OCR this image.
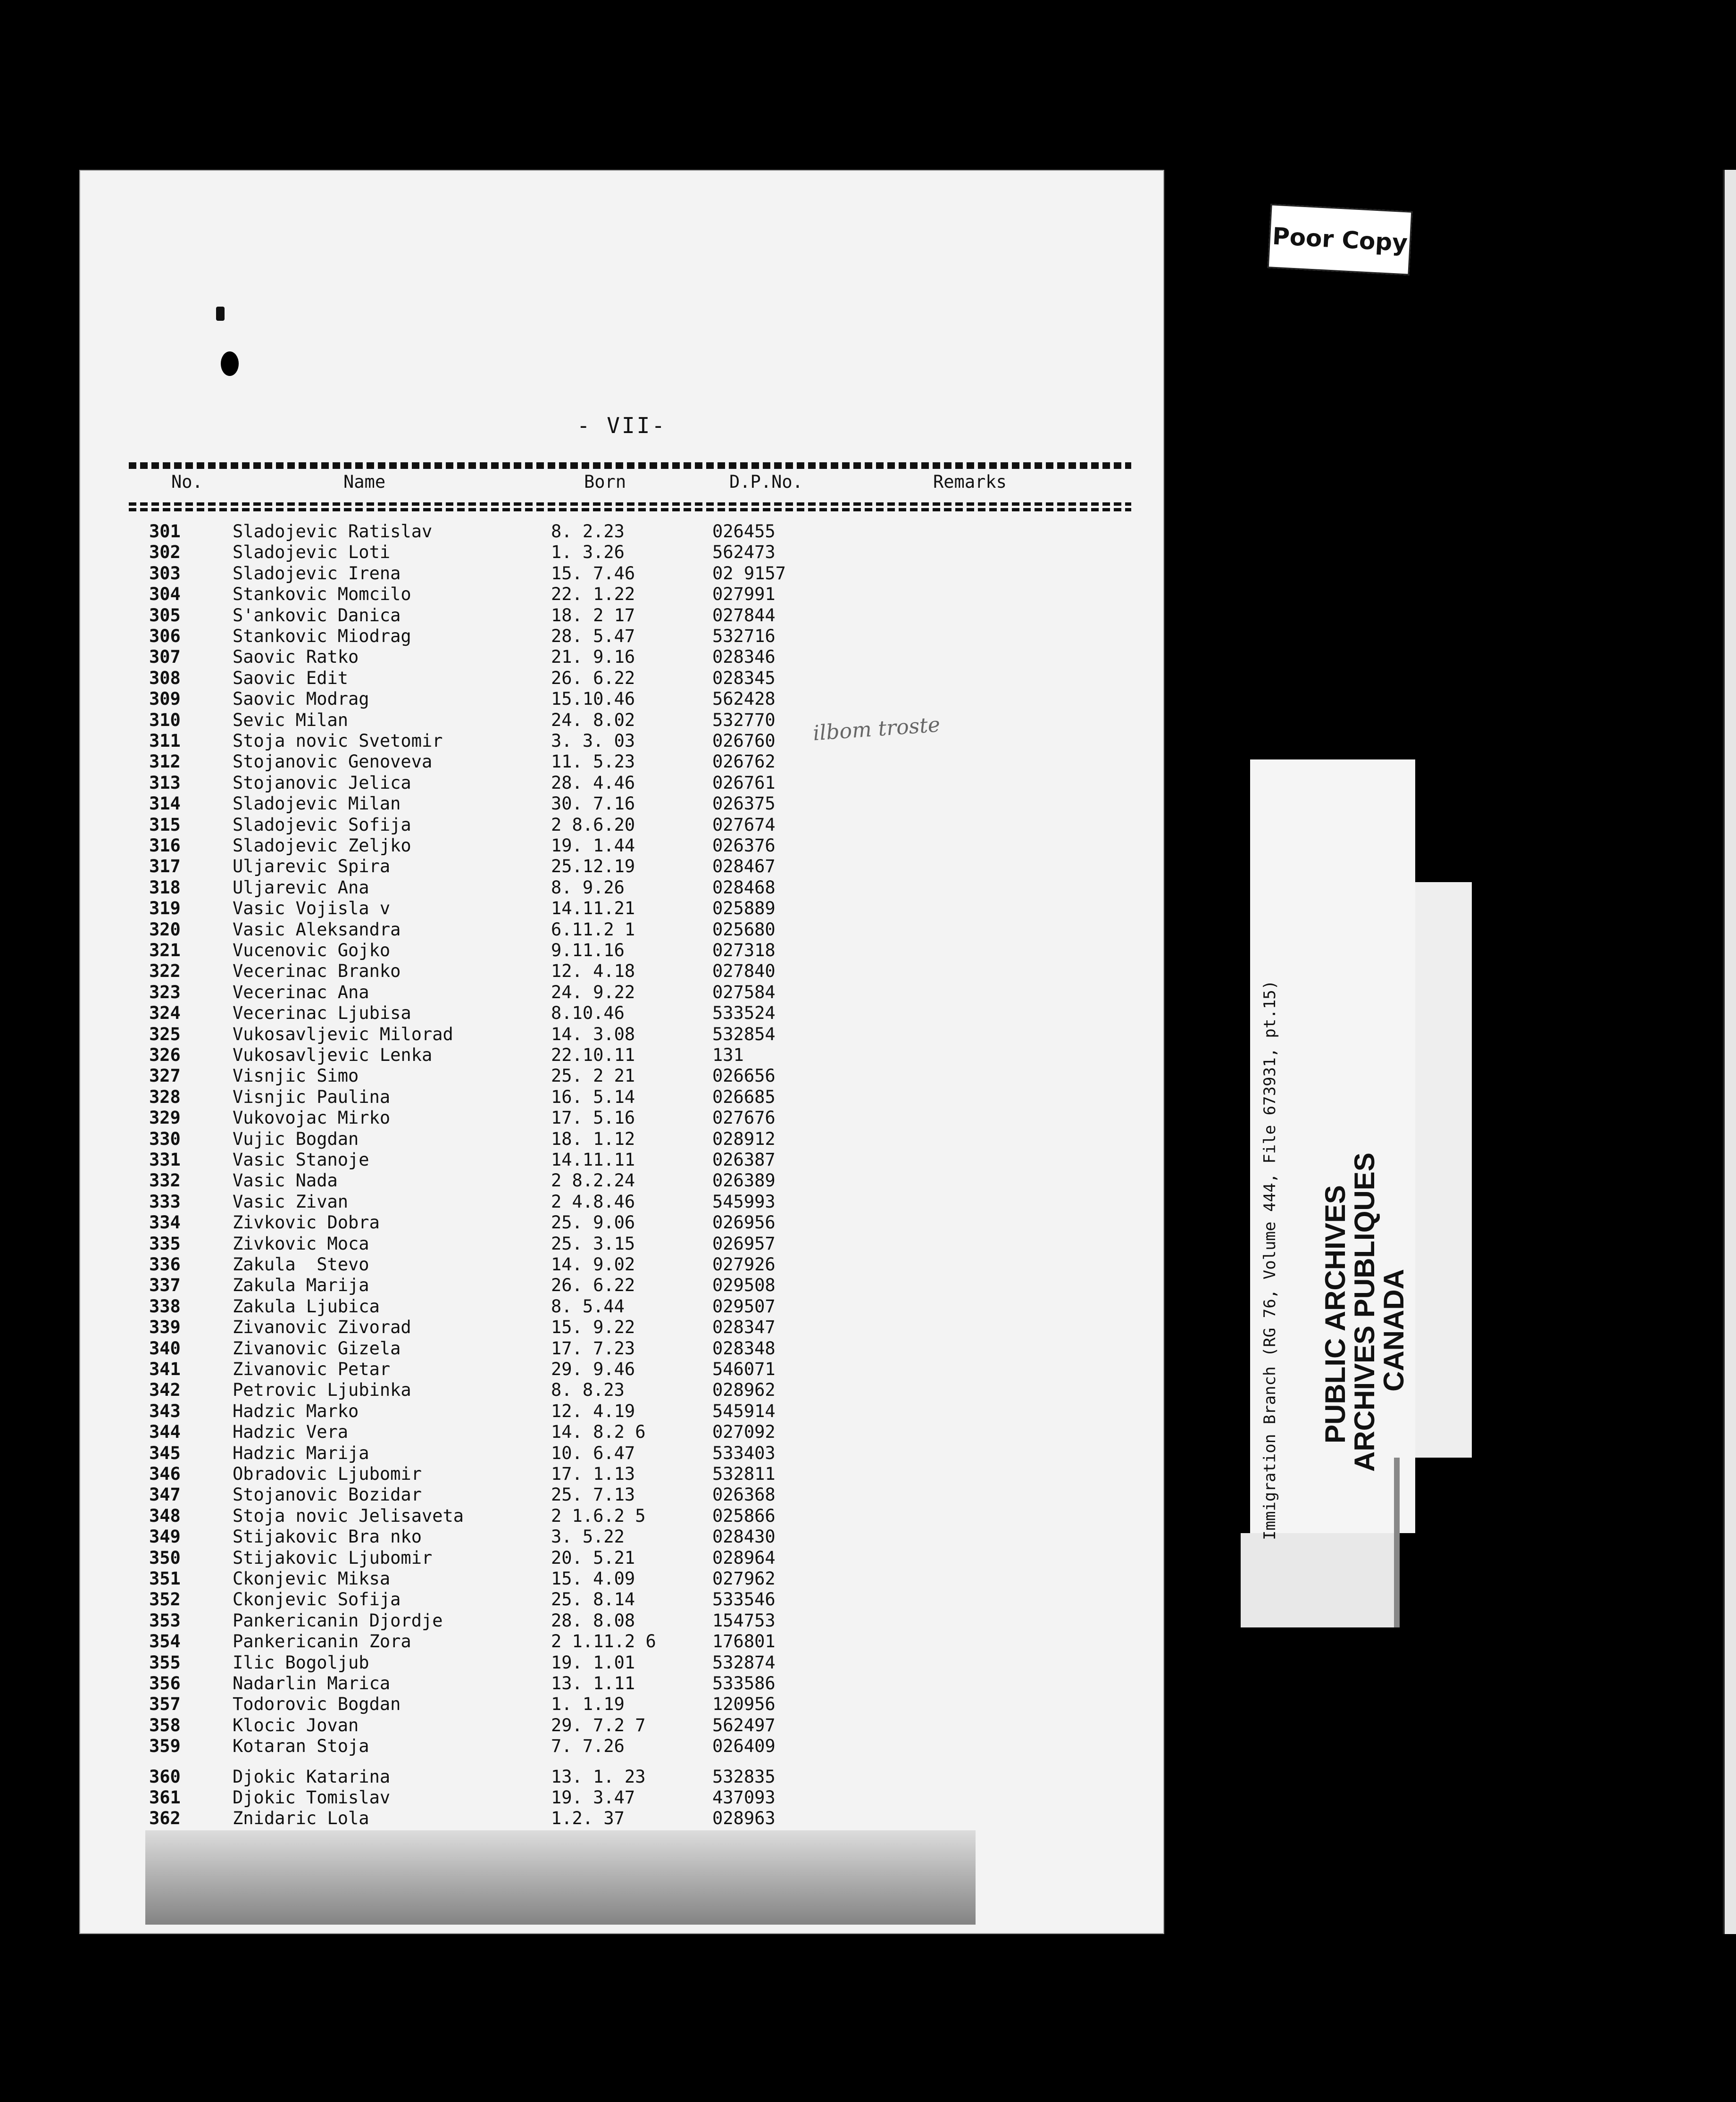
- VII-
No.	Name	Born	D.P.No.	Remarks
301	Sladojevic Ratislav	8. 2.23	026455
302	Sladojevic Loti	1. 3.26	562473
303	Sladojevic Irena	15. 7.46	02 9157
304	Stankovic Momcilo	22. 1.22	027991
305	S'ankovic Danica	18. 2 17	027844
306	Stankovic Miodrag	28. 5.47	532716
307	Saovic Ratko	21. 9.16	028346
308	Saovic Edit	26. 6.22	028345
309	Saovic Modrag	15.10.46	562428
310	Sevic Milan	24. 8.02	532770
311	Stoja novic Svetomir	3. 3. 03	026760
312	Stojanovic Genoveva	11. 5.23	026762
313	Stojanovic Jelica	28. 4.46	026761
314	Sladojevic Milan	30. 7.16	026375
315	Sladojevic Sofija	2 8.6.20	027674
316	Sladojevic Zeljko	19. 1.44	026376
317	Uljarevic Spira	25.12.19	028467
318	Uljarevic Ana	8. 9.26	028468
319	Vasic Vojisla v	14.11.21	025889
320	Vasic Aleksandra	6.11.2 1	025680
321	Vucenovic Gojko	9.11.16	027318
322	Vecerinac Branko	12. 4.18	027840
323	Vecerinac Ana	24. 9.22	027584
324	Vecerinac Ljubisa	8.10.46	533524
325	Vukosavljevic Milorad	14. 3.08	532854
326	Vukosavljevic Lenka	22.10.11	131
327	Visnjic Simo	25. 2 21	026656
328	Visnjic Paulina	16. 5.14	026685
329	Vukovojac Mirko	17. 5.16	027676
330	Vujic Bogdan	18. 1.12	028912
331	Vasic Stanoje	14.11.11	026387
332	Vasic Nada	2 8.2.24	026389
333	Vasic Zivan	2 4.8.46	545993
334	Zivkovic Dobra	25. 9.06	026956
335	Zivkovic Moca	25. 3.15	026957
336	Zakula  Stevo	14. 9.02	027926
337	Zakula Marija	26. 6.22	029508
338	Zakula Ljubica	8. 5.44	029507
339	Zivanovic Zivorad	15. 9.22	028347
340	Zivanovic Gizela	17. 7.23	028348
341	Zivanovic Petar	29. 9.46	546071
342	Petrovic Ljubinka	8. 8.23	028962
343	Hadzic Marko	12. 4.19	545914
344	Hadzic Vera	14. 8.2 6	027092
345	Hadzic Marija	10. 6.47	533403
346	Obradovic Ljubomir	17. 1.13	532811
347	Stojanovic Bozidar	25. 7.13	026368
348	Stoja novic Jelisaveta	2 1.6.2 5	025866
349	Stijakovic Bra nko	3. 5.22	028430
350	Stijakovic Ljubomir	20. 5.21	028964
351	Ckonjevic Miksa	15. 4.09	027962
352	Ckonjevic Sofija	25. 8.14	533546
353	Pankericanin Djordje	28. 8.08	154753
354	Pankericanin Zora	2 1.11.2 6	176801
355	Ilic Bogoljub	19. 1.01	532874
356	Nadarlin Marica	13. 1.11	533586
357	Todorovic Bogdan	1. 1.19	120956
358	Klocic Jovan	29. 7.2 7	562497
359	Kotaran Stoja	7. 7.26	026409
360	Djokic Katarina	13. 1. 23	532835
361	Djokic Tomislav	19. 3.47	437093
362	Znidaric Lola	1.2. 37	028963
ilbom troste
Poor Copy
Immigration Branch (RG 76, Volume 444, File 673931, pt.15) PUBLIC ARCHIVES
ARCHIVES PUBLIQUES
CANADA
